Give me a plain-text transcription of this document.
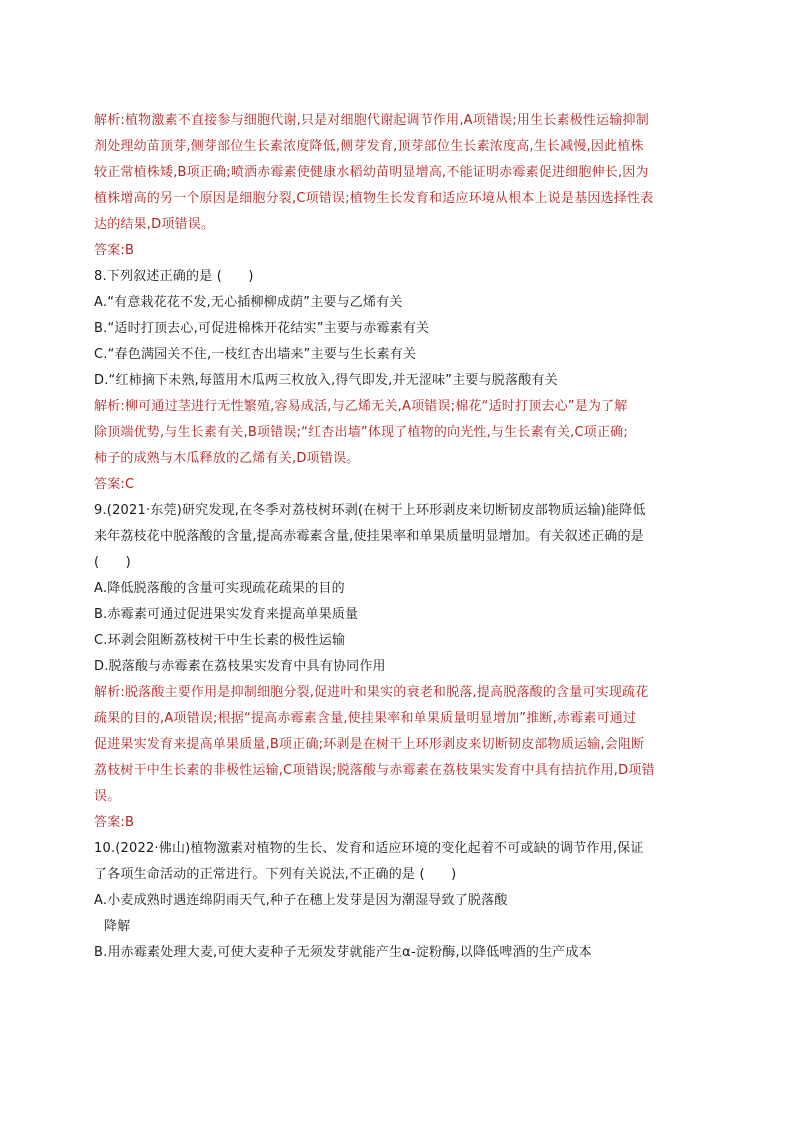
解析:植物激素不直接参与细胞代谢,只是对细胞代谢起调节作用,A项错误;用生长素极性运输抑制
剂处理幼苗顶芽,侧芽部位生长素浓度降低,侧芽发育,顶芽部位生长素浓度高,生长减慢,因此植株
较正常植株矮,B项正确;喷洒赤霉素使健康水稻幼苗明显增高,不能证明赤霉素促进细胞伸长,因为
植株增高的另一个原因是细胞分裂,C项错误;植物生长发育和适应环境从根本上说是基因选择性表
达的结果,D项错误。
答案:B
8.下列叙述正确的是 (　　)
A.“有意栽花花不发,无心插柳柳成荫”主要与乙烯有关
B.“适时打顶去心,可促进棉株开花结实”主要与赤霉素有关
C.“春色满园关不住,一枝红杏出墙来”主要与生长素有关
D.“红柿摘下未熟,每篮用木瓜两三枚放入,得气即发,并无涩味”主要与脱落酸有关
解析:柳可通过茎进行无性繁殖,容易成活,与乙烯无关,A项错误;棉花“适时打顶去心”是为了解
除顶端优势,与生长素有关,B项错误;“红杏出墙”体现了植物的向光性,与生长素有关,C项正确;
柿子的成熟与木瓜释放的乙烯有关,D项错误。
答案:C
9.(2021·东莞)研究发现,在冬季对荔枝树环剥(在树干上环形剥皮来切断韧皮部物质运输)能降低
来年荔枝花中脱落酸的含量,提高赤霉素含量,使挂果率和单果质量明显增加。有关叙述正确的是
(　　)
A.降低脱落酸的含量可实现疏花疏果的目的
B.赤霉素可通过促进果实发育来提高单果质量
C.环剥会阻断荔枝树干中生长素的极性运输
D.脱落酸与赤霉素在荔枝果实发育中具有协同作用
解析:脱落酸主要作用是抑制细胞分裂,促进叶和果实的衰老和脱落,提高脱落酸的含量可实现疏花
疏果的目的,A项错误;根据“提高赤霉素含量,使挂果率和单果质量明显增加”推断,赤霉素可通过
促进果实发育来提高单果质量,B项正确;环剥是在树干上环形剥皮来切断韧皮部物质运输,会阻断
荔枝树干中生长素的非极性运输,C项错误;脱落酸与赤霉素在荔枝果实发育中具有拮抗作用,D项错
误。
答案:B
10.(2022·佛山)植物激素对植物的生长、发育和适应环境的变化起着不可或缺的调节作用,保证
了各项生命活动的正常进行。下列有关说法,不正确的是 (　　)
A.小麦成熟时遇连绵阴雨天气,种子在穗上发芽是因为潮湿导致了脱落酸
降解
B.用赤霉素处理大麦,可使大麦种子无须发芽就能产生α-淀粉酶,以降低啤酒的生产成本
